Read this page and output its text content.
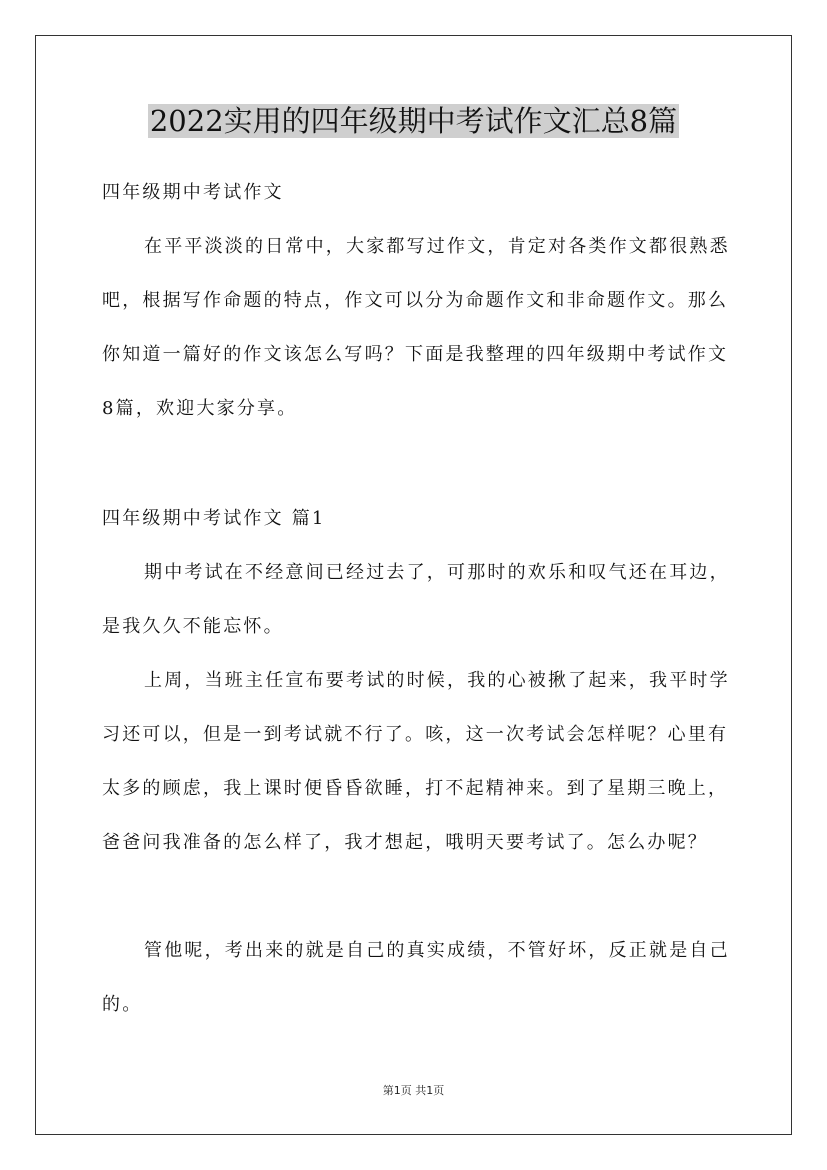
2022实用的四年级期中考试作文汇总8篇

四年级期中考试作文

在平平淡淡的日常中，大家都写过作文，肯定对各类作文都很熟悉吧，根据写作命题的特点，作文可以分为命题作文和非命题作文。那么你知道一篇好的作文该怎么写吗？下面是我整理的四年级期中考试作文8篇，欢迎大家分享。

四年级期中考试作文 篇1

期中考试在不经意间已经过去了，可那时的欢乐和叹气还在耳边，是我久久不能忘怀。

上周，当班主任宣布要考试的时候，我的心被揪了起来，我平时学习还可以，但是一到考试就不行了。咳，这一次考试会怎样呢？心里有太多的顾虑，我上课时便昏昏欲睡，打不起精神来。到了星期三晚上，爸爸问我准备的怎么样了，我才想起，哦明天要考试了。怎么办呢？

管他呢，考出来的就是自己的真实成绩，不管好坏，反正就是自己的。

第1页 共1页
